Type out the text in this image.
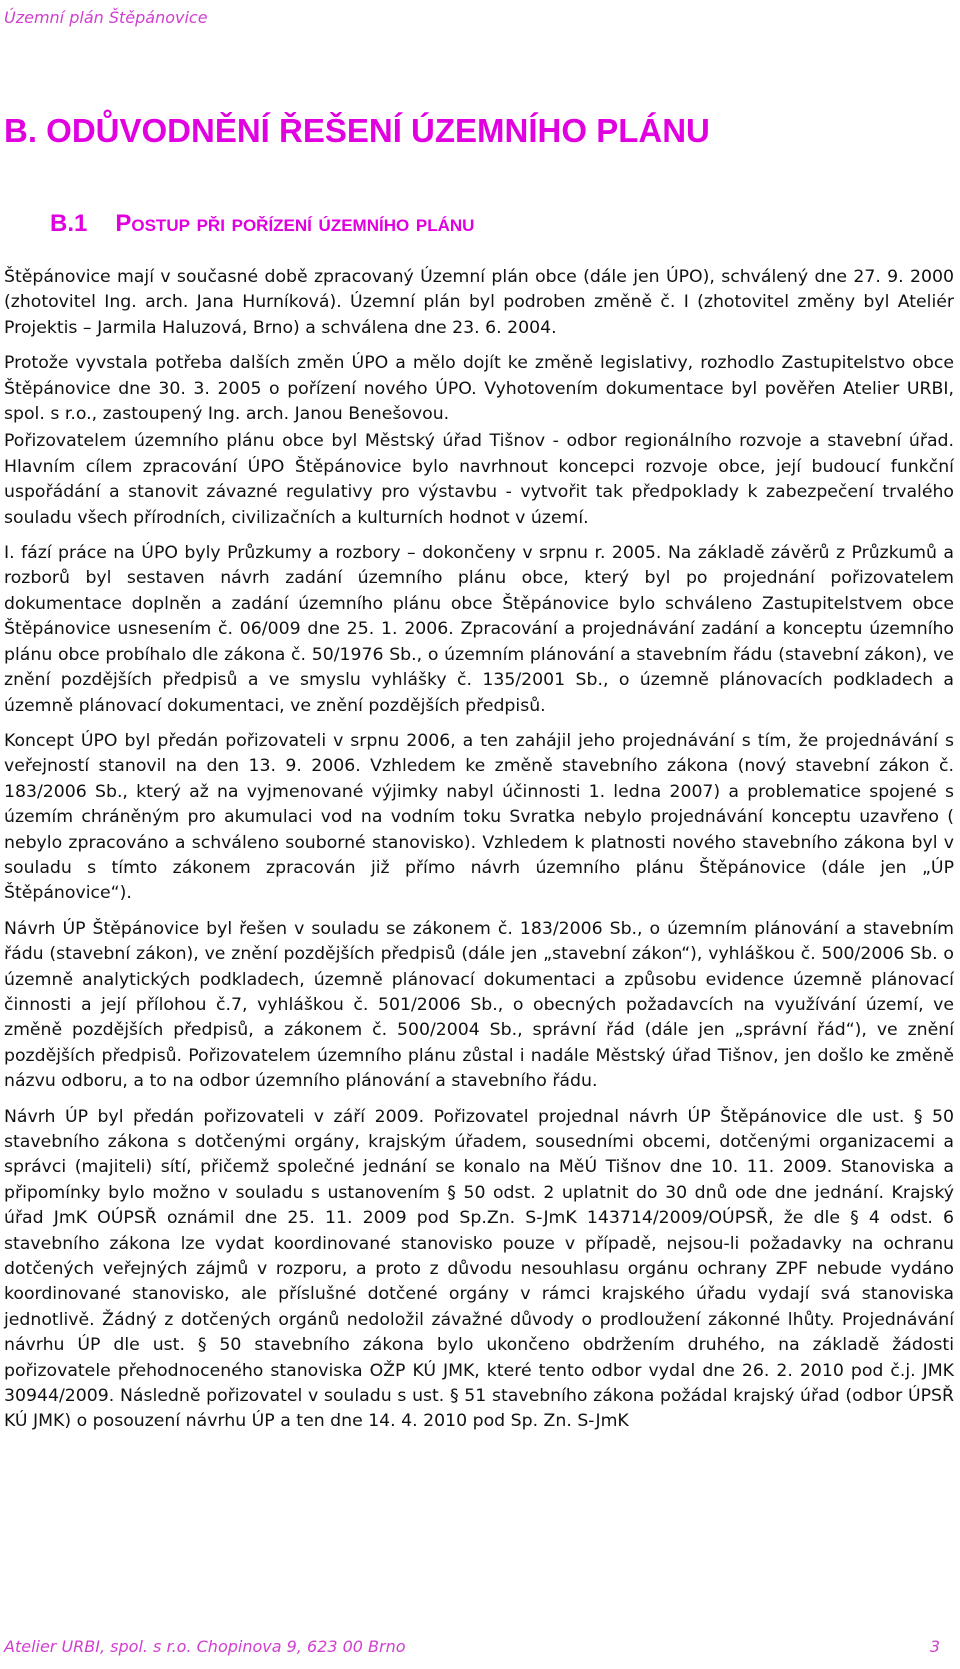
Územní plán Štěpánovice
B. ODŮVODNĚNÍ ŘEŠENÍ ÚZEMNÍHO PLÁNU
B.1 Postup při pořízení územního plánu

Štěpánovice mají v současné době zpracovaný Územní plán obce (dále jen ÚPO), schválený dne 27. 9. 2000 (zhotovitel Ing. arch. Jana Hurníková). Územní plán byl podroben změně č. I (zhotovitel změny byl Ateliér Projektis – Jarmila Haluzová, Brno) a schválena dne 23. 6. 2004.

Protože vyvstala potřeba dalších změn ÚPO a mělo dojít ke změně legislativy, rozhodlo Zastupitelstvo obce Štěpánovice dne 30. 3. 2005 o pořízení nového ÚPO. Vyhotovením dokumentace byl pověřen Atelier URBI, spol. s r.o., zastoupený Ing. arch. Janou Benešovou.

Pořizovatelem územního plánu obce byl Městský úřad Tišnov - odbor regionálního rozvoje a stavební úřad. Hlavním cílem zpracování ÚPO Štěpánovice bylo navrhnout koncepci rozvoje obce, její budoucí funkční uspořádání a stanovit závazné regulativy pro výstavbu - vytvořit tak předpoklady k zabezpečení trvalého souladu všech přírodních, civilizačních a kulturních hodnot v území.

I. fází práce na ÚPO byly Průzkumy a rozbory – dokončeny v srpnu r. 2005. Na základě závěrů z Průzkumů a rozborů byl sestaven návrh zadání územního plánu obce, který byl po projednání pořizovatelem dokumentace doplněn a zadání územního plánu obce Štěpánovice bylo schváleno Zastupitelstvem obce Štěpánovice usnesením č. 06/009 dne 25. 1. 2006. Zpracování a projednávání zadání a konceptu územního plánu obce probíhalo dle zákona č. 50/1976 Sb., o územním plánování a stavebním řádu (stavební zákon), ve znění pozdějších předpisů a ve smyslu vyhlášky č. 135/2001 Sb., o územně plánovacích podkladech a územně plánovací dokumentaci, ve znění pozdějších předpisů.

Koncept ÚPO byl předán pořizovateli v srpnu 2006, a ten zahájil jeho projednávání s tím, že projednávání s veřejností stanovil na den 13. 9. 2006. Vzhledem ke změně stavebního zákona (nový stavební zákon č. 183/2006 Sb., který až na vyjmenované výjimky nabyl účinnosti 1. ledna 2007) a problematice spojené s územím chráněným pro akumulaci vod na vodním toku Svratka nebylo projednávání konceptu uzavřeno ( nebylo zpracováno a schváleno souborné stanovisko). Vzhledem k platnosti nového stavebního zákona byl v souladu s tímto zákonem zpracován již přímo návrh územního plánu Štěpánovice (dále jen „ÚP Štěpánovice“).

Návrh ÚP Štěpánovice byl řešen v souladu se zákonem č. 183/2006 Sb., o územním plánování a stavebním řádu (stavební zákon), ve znění pozdějších předpisů (dále jen „stavební zákon“), vyhláškou č. 500/2006 Sb. o územně analytických podkladech, územně plánovací dokumentaci a způsobu evidence územně plánovací činnosti a její přílohou č.7, vyhláškou č. 501/2006 Sb., o obecných požadavcích na využívání území, ve změně pozdějších předpisů, a zákonem č. 500/2004 Sb., správní řád (dále jen „správní řád“), ve znění pozdějších předpisů. Pořizovatelem územního plánu zůstal i nadále Městský úřad Tišnov, jen došlo ke změně názvu odboru, a to na odbor územního plánování a stavebního řádu.

Návrh ÚP byl předán pořizovateli v září 2009. Pořizovatel projednal návrh ÚP Štěpánovice dle ust. § 50 stavebního zákona s dotčenými orgány, krajským úřadem, sousedními obcemi, dotčenými organizacemi a správci (majiteli) sítí, přičemž společné jednání se konalo na MěÚ Tišnov dne 10. 11. 2009. Stanoviska a připomínky bylo možno v souladu s ustanovením § 50 odst. 2 uplatnit do 30 dnů ode dne jednání. Krajský úřad JmK OÚPSŘ oznámil dne 25. 11. 2009 pod Sp.Zn. S-JmK 143714/2009/OÚPSŘ, že dle § 4 odst. 6 stavebního zákona lze vydat koordinované stanovisko pouze v případě, nejsou-li požadavky na ochranu dotčených veřejných zájmů v rozporu, a proto z důvodu nesouhlasu orgánu ochrany ZPF nebude vydáno koordinované stanovisko, ale příslušné dotčené orgány v rámci krajského úřadu vydají svá stanoviska jednotlivě. Žádný z dotčených orgánů nedoložil závažné důvody o prodloužení zákonné lhůty. Projednávání návrhu ÚP dle ust. § 50 stavebního zákona bylo ukončeno obdržením druhého, na základě žádosti pořizovatele přehodnoceného stanoviska OŽP KÚ JMK, které tento odbor vydal dne 26. 2. 2010 pod č.j. JMK 30944/2009. Následně pořizovatel v souladu s ust. § 51 stavebního zákona požádal krajský úřad (odbor ÚPSŘ KÚ JMK) o posouzení návrhu ÚP a ten dne 14. 4. 2010 pod Sp. Zn. S-JmK

Atelier URBI, spol. s r.o. Chopinova 9, 623 00 Brno	3
